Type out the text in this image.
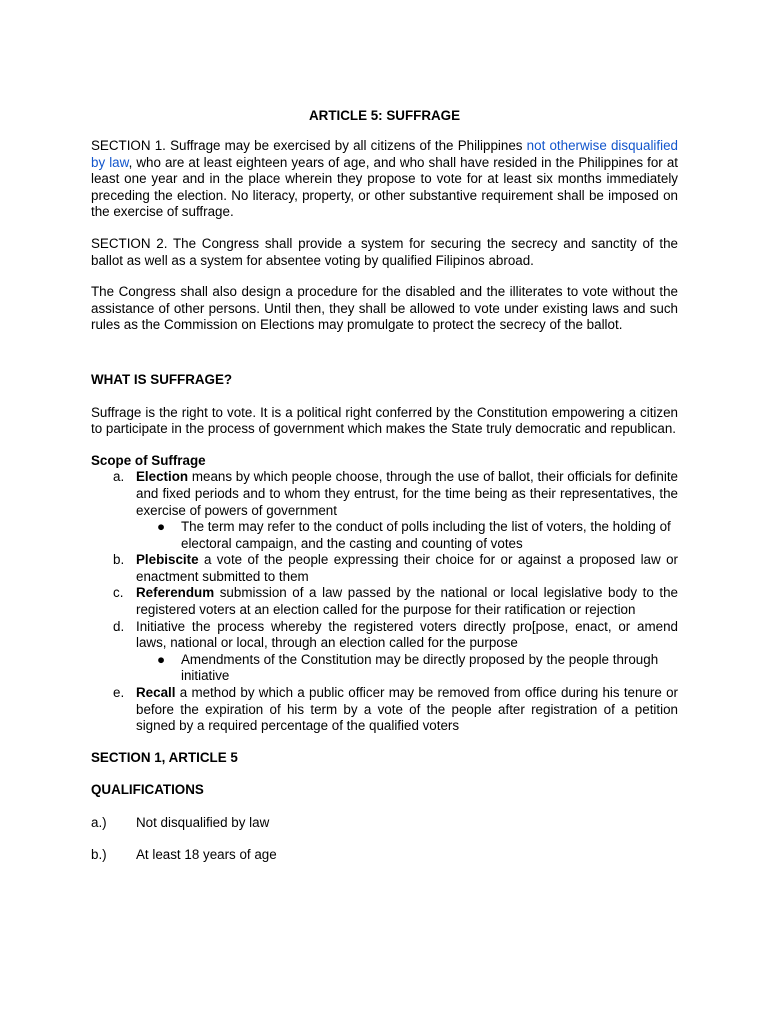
ARTICLE 5: SUFFRAGE

SECTION 1. Suffrage may be exercised by all citizens of the Philippines not otherwise disqualified by law, who are at least eighteen years of age, and who shall have resided in the Philippines for at least one year and in the place wherein they propose to vote for at least six months immediately preceding the election. No literacy, property, or other substantive requirement shall be imposed on the exercise of suffrage.

SECTION 2. The Congress shall provide a system for securing the secrecy and sanctity of the ballot as well as a system for absentee voting by qualified Filipinos abroad.

The Congress shall also design a procedure for the disabled and the illiterates to vote without the assistance of other persons. Until then, they shall be allowed to vote under existing laws and such rules as the Commission on Elections may promulgate to protect the secrecy of the ballot.

WHAT IS SUFFRAGE?

Suffrage is the right to vote. It is a political right conferred by the Constitution empowering a citizen to participate in the process of government which makes the State truly democratic and republican.

Scope of Suffrage
a. Election means by which people choose, through the use of ballot, their officials for definite and fixed periods and to whom they entrust, for the time being as their representatives, the exercise of powers of government
● The term may refer to the conduct of polls including the list of voters, the holding of electoral campaign, and the casting and counting of votes
b. Plebiscite a vote of the people expressing their choice for or against a proposed law or enactment submitted to them
c. Referendum submission of a law passed by the national or local legislative body to the registered voters at an election called for the purpose for their ratification or rejection
d. Initiative the process whereby the registered voters directly pro[pose, enact, or amend laws, national or local, through an election called for the purpose
● Amendments of the Constitution may be directly proposed by the people through initiative
e. Recall a method by which a public officer may be removed from office during his tenure or before the expiration of his term by a vote of the people after registration of a petition signed by a required percentage of the qualified voters
SECTION 1, ARTICLE 5
QUALIFICATIONS
a.) Not disqualified by law
b.) At least 18 years of age
